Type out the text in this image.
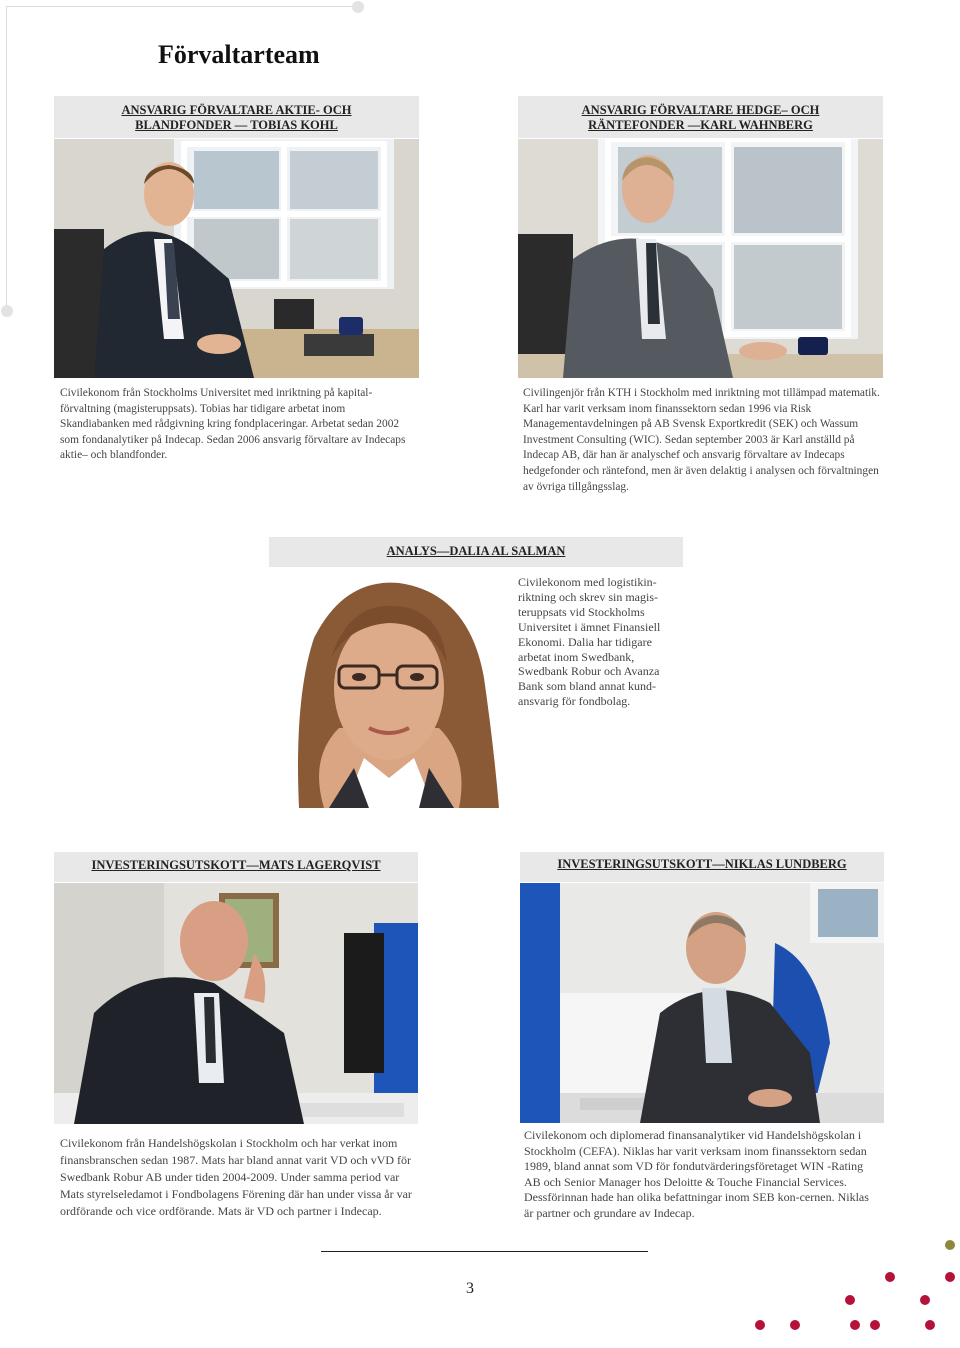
Förvaltarteam
ANSVARIG FÖRVALTARE AKTIE- OCH
BLANDFONDER — TOBIAS KOHL
Civilekonom från Stockholms Universitet med inriktning på kapital-förvaltning (magisteruppsats). Tobias har tidigare arbetat inom Skandiabanken med rådgivning kring fondplaceringar. Arbetat sedan 2002 som fondanalytiker på Indecap. Sedan 2006 ansvarig förvaltare av Indecaps aktie– och blandfonder.
ANSVARIG FÖRVALTARE HEDGE– OCH
RÄNTEFONDER —KARL WAHNBERG
Civilingenjör från KTH i Stockholm med inriktning mot tillämpad matematik. Karl har varit verksam inom finanssektorn sedan 1996 via Risk Managementavdelningen på AB Svensk Exportkredit (SEK) och Wassum Investment Consulting (WIC). Sedan september 2003 är Karl anställd på Indecap AB, där han är analyschef och ansvarig förvaltare av Indecaps hedgefonder och räntefond, men är även delaktig i analysen och förvaltningen av övriga tillgångsslag.
ANALYS—DALIA AL SALMAN
Civilekonom med logistikin-riktning och skrev sin magis-teruppsats vid Stockholms Universitet i ämnet Finansiell Ekonomi. Dalia har tidigare arbetat inom Swedbank, Swedbank Robur och Avanza Bank som bland annat kund-ansvarig för fondbolag.
INVESTERINGSUTSKOTT—MATS LAGERQVIST
Civilekonom från Handelshögskolan i Stockholm och har verkat inom finansbranschen sedan 1987. Mats har bland annat varit VD och vVD för Swedbank Robur AB under tiden 2004-2009. Under samma period var Mats styrelseledamot i Fondbolagens Förening där han under vissa år var ordförande och vice ordförande. Mats är VD och partner i Indecap.
INVESTERINGSUTSKOTT—NIKLAS LUNDBERG
Civilekonom och diplomerad finansanalytiker vid Handelshögskolan i Stockholm (CEFA). Niklas har varit verksam inom finanssektorn sedan 1989, bland annat som VD för fondutvärderingsföretaget WIN -Rating AB och Senior Manager hos Deloitte & Touche Financial Services. Dessförinnan hade han olika befattningar inom SEB kon-cernen. Niklas är partner och grundare av Indecap.
3
